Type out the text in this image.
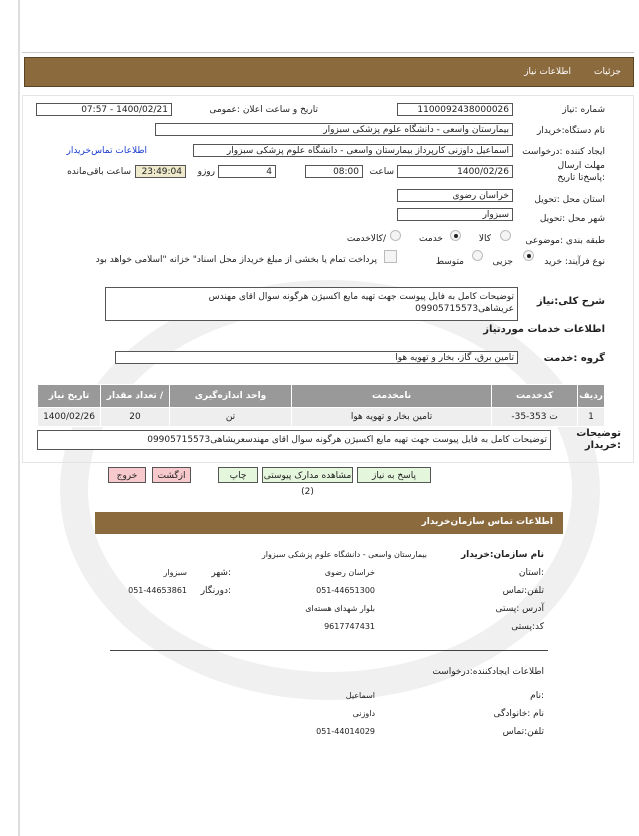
جزئیات
اطلاعات نیاز
شماره :نیاز
1100092438000026
تاریخ و ساعت اعلان :عمومی
1400/02/21 - 07:57
نام دستگاه:خریدار
بیمارستان واسعی - دانشگاه علوم پزشکی سبزوار
ایجاد کننده :درخواست
اسماعیل داوزنی کارپرداز بیمارستان واسعی - دانشگاه علوم پزشکی سبزوار
اطلاعات تماس‌خریدار
مهلت ارسال :پاسخ‌تا تاریخ
1400/02/26
ساعت
08:00
4
روزو
23:49:04
ساعت باقی‌مانده
استان محل :تحویل
خراسان رضوی
شهر محل :تحویل
سبزوار
طبقه بندی :موضوعی
کالا
خدمت
/کالاخدمت
نوع فرآیند: خرید
جزیی
متوسط
پرداخت تمام یا بخشی از مبلغ خریداز محل اسناد" خزانه "اسلامی خواهد بود
شرح کلی:نیاز
توضیحات کامل به فایل پیوست جهت تهیه مایع اکسیژن هرگونه سوال اقای مهندس عریشاهی09905715573
اطلاعات خدمات موردنیاز
گروه :خدمت
تامین برق، گاز، بخار و تهویه هوا
ردیف	کدخدمت	نامخدمت	واحد اندازه‌گیری	/ تعداد مقدار	تاریخ نیاز
1	ت 353-35-	تامین بخار و تهویه هوا	تن	20	1400/02/26
توضیحات :خریدار
توضیحات کامل به فایل پیوست جهت تهیه مایع اکسیژن هرگونه سوال اقای مهندسعریشاهی09905715573
پاسخ به نیاز
مشاهده مدارک پیوستی (2)
چاپ
ازگشت
خروج
اطلاعات تماس سازمان‌خریدار
نام سازمان:خریدار
بیمارستان واسعی - دانشگاه علوم پزشکی سبزوار
:استان
خراسان رضوی
:شهر
سبزوار
تلفن:تماس
051-44651300
:دورنگار
051-44653861
آدرس :پستی
بلوار شهدای هسته‌ای
کد:پستی
9617747431
اطلاعات ایجادکننده:درخواست
:نام
اسماعیل
نام :خانوادگی
داوزنی
تلفن:تماس
051-44014029
